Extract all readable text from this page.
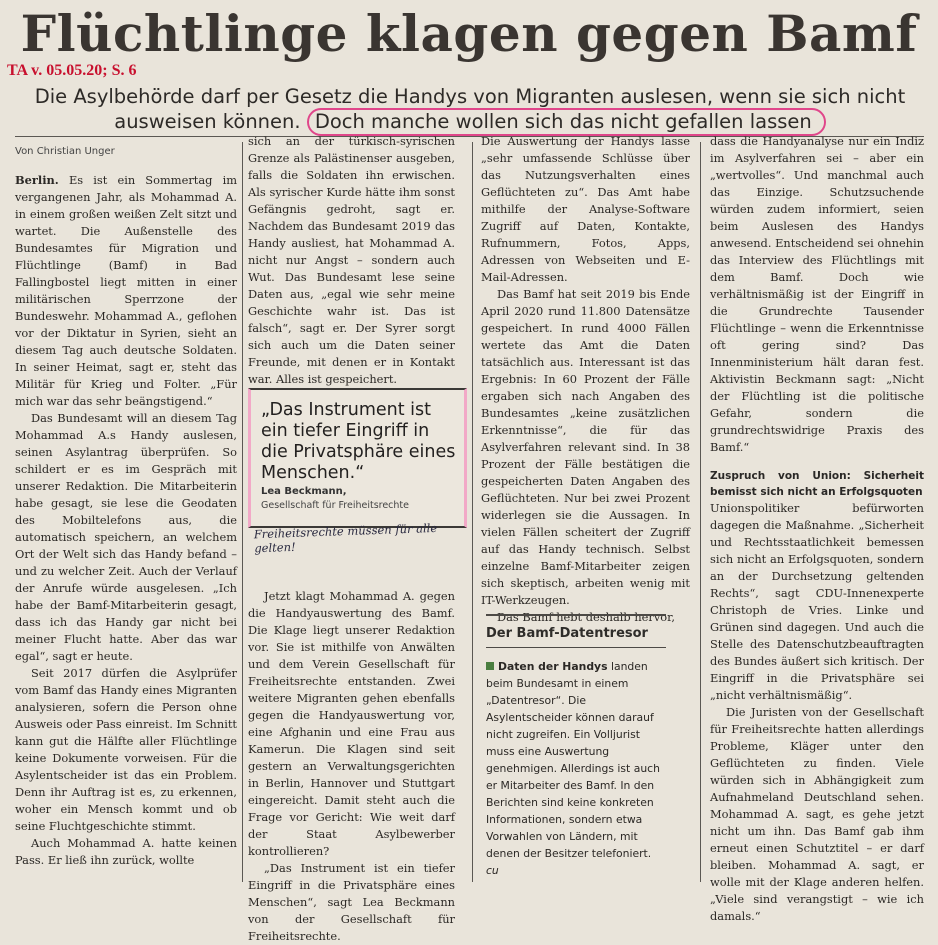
Flüchtlinge klagen gegen Bamf
TA v. 05.05.20; S. 6
Die Asylbehörde darf per Gesetz die Handys von Migranten auslesen, wenn sie sich nicht ausweisen können. Doch manche wollen sich das nicht gefallen lassen

Von Christian Unger

Berlin. Es ist ein Sommertag im vergangenen Jahr, als Mohammad A. in einem großen weißen Zelt sitzt und wartet. Die Außenstelle des Bundesamtes für Migration und Flüchtlinge (Bamf) in Bad Fallingbostel liegt mitten in einer militärischen Sperrzone der Bundeswehr. Mohammad A., geflohen vor der Diktatur in Syrien, sieht an diesem Tag auch deutsche Soldaten. In seiner Heimat, sagt er, steht das Militär für Krieg und Folter. „Für mich war das sehr beängstigend.“

Das Bundesamt will an diesem Tag Mohammad A.s Handy auslesen, seinen Asylantrag überprüfen. So schildert er es im Gespräch mit unserer Redaktion. Die Mitarbeiterin habe gesagt, sie lese die Geodaten des Mobiltelefons aus, die automatisch speichern, an welchem Ort der Welt sich das Handy befand – und zu welcher Zeit. Auch der Verlauf der Anrufe würde ausgelesen. „Ich habe der Bamf-Mitarbeiterin gesagt, dass ich das Handy gar nicht bei meiner Flucht hatte. Aber das war egal“, sagt er heute.

Seit 2017 dürfen die Asylprüfer vom Bamf das Handy eines Migranten analysieren, sofern die Person ohne Ausweis oder Pass einreist. Im Schnitt kann gut die Hälfte aller Flüchtlinge keine Dokumente vorweisen. Für die Asylentscheider ist das ein Problem. Denn ihr Auftrag ist es, zu erkennen, woher ein Mensch kommt und ob seine Fluchtgeschichte stimmt.

Auch Mohammad A. hatte keinen Pass. Er ließ ihn zurück, wollte

sich an der türkisch-syrischen Grenze als Palästinenser ausgeben, falls die Soldaten ihn erwischen. Als syrischer Kurde hätte ihm sonst Gefängnis gedroht, sagt er. Nachdem das Bundesamt 2019 das Handy ausliest, hat Mohammad A. nicht nur Angst – sondern auch Wut. Das Bundesamt lese seine Daten aus, „egal wie sehr meine Geschichte wahr ist. Das ist falsch“, sagt er. Der Syrer sorgt sich auch um die Daten seiner Freunde, mit denen er in Kontakt war. Alles ist gespeichert.

Jetzt klagt Mohammad A. gegen die Handyauswertung des Bamf. Die Klage liegt unserer Redaktion vor. Sie ist mithilfe von Anwälten und dem Verein Gesellschaft für Freiheitsrechte entstanden. Zwei weitere Migranten gehen ebenfalls gegen die Handyauswertung vor, eine Afghanin und eine Frau aus Kamerun. Die Klagen sind seit gestern an Verwaltungsgerichten in Berlin, Hannover und Stuttgart eingereicht. Damit steht auch die Frage vor Gericht: Wie weit darf der Staat Asylbewerber kontrollieren?

„Das Instrument ist ein tiefer Eingriff in die Privatsphäre eines Menschen“, sagt Lea Beckmann von der Gesellschaft für Freiheitsrechte.

„Das Instrument ist ein tiefer Eingriff in die Privatsphäre eines Menschen.“
Lea Beckmann,
Gesellschaft für Freiheitsrechte
Freiheitsrechte müssen für alle gelten!

Die Auswertung der Handys lasse „sehr umfassende Schlüsse über das Nutzungsverhalten eines Geflüchteten zu“. Das Amt habe mithilfe der Analyse-Software Zugriff auf Daten, Kontakte, Rufnummern, Fotos, Apps, Adressen von Webseiten und E-Mail-Adressen.

Das Bamf hat seit 2019 bis Ende April 2020 rund 11.800 Datensätze gespeichert. In rund 4000 Fällen wertete das Amt die Daten tatsächlich aus. Interessant ist das Ergebnis: In 60 Prozent der Fälle ergaben sich nach Angaben des Bundesamtes „keine zusätzlichen Erkenntnisse“, die für das Asylverfahren relevant sind. In 38 Prozent der Fälle bestätigen die gespeicherten Daten Angaben des Geflüchteten. Nur bei zwei Prozent widerlegen sie die Aussagen. In vielen Fällen scheitert der Zugriff auf das Handy technisch. Selbst einzelne Bamf-Mitarbeiter zeigen sich skeptisch, arbeiten wenig mit IT-Werkzeugen.

Das Bamf hebt deshalb hervor,

Der Bamf-Datentresor
Daten der Handys landen beim Bundesamt in einem „Datentresor“. Die Asylentscheider können darauf nicht zugreifen. Ein Volljurist muss eine Auswertung genehmigen. Allerdings ist auch er Mitarbeiter des Bamf. In den Berichten sind keine konkreten Informationen, sondern etwa Vorwahlen von Ländern, mit denen der Besitzer telefoniert. cu

dass die Handyanalyse nur ein Indiz im Asylverfahren sei – aber ein „wertvolles“. Und manchmal auch das Einzige. Schutzsuchende würden zudem informiert, seien beim Auslesen des Handys anwesend. Entscheidend sei ohnehin das Interview des Flüchtlings mit dem Bamf. Doch wie verhältnismäßig ist der Eingriff in die Grundrechte Tausender Flüchtlinge – wenn die Erkenntnisse oft gering sind? Das Innenministerium hält daran fest. Aktivistin Beckmann sagt: „Nicht der Flüchtling ist die politische Gefahr, sondern die grundrechtswidrige Praxis des Bamf.“

Zuspruch von Union: Sicherheit bemisst sich nicht an Erfolgsquoten

Unionspolitiker befürworten dagegen die Maßnahme. „Sicherheit und Rechtsstaatlichkeit bemessen sich nicht an Erfolgsquoten, sondern an der Durchsetzung geltenden Rechts“, sagt CDU-Innenexperte Christoph de Vries. Linke und Grünen sind dagegen. Und auch die Stelle des Datenschutzbeauftragten des Bundes äußert sich kritisch. Der Eingriff in die Privatsphäre sei „nicht verhältnismäßig“.

Die Juristen von der Gesellschaft für Freiheitsrechte hatten allerdings Probleme, Kläger unter den Geflüchteten zu finden. Viele würden sich in Abhängigkeit zum Aufnahmeland Deutschland sehen. Mohammad A. sagt, es gehe jetzt nicht um ihn. Das Bamf gab ihm erneut einen Schutztitel – er darf bleiben. Mohammad A. sagt, er wolle mit der Klage anderen helfen. „Viele sind verangstigt – wie ich damals.“
